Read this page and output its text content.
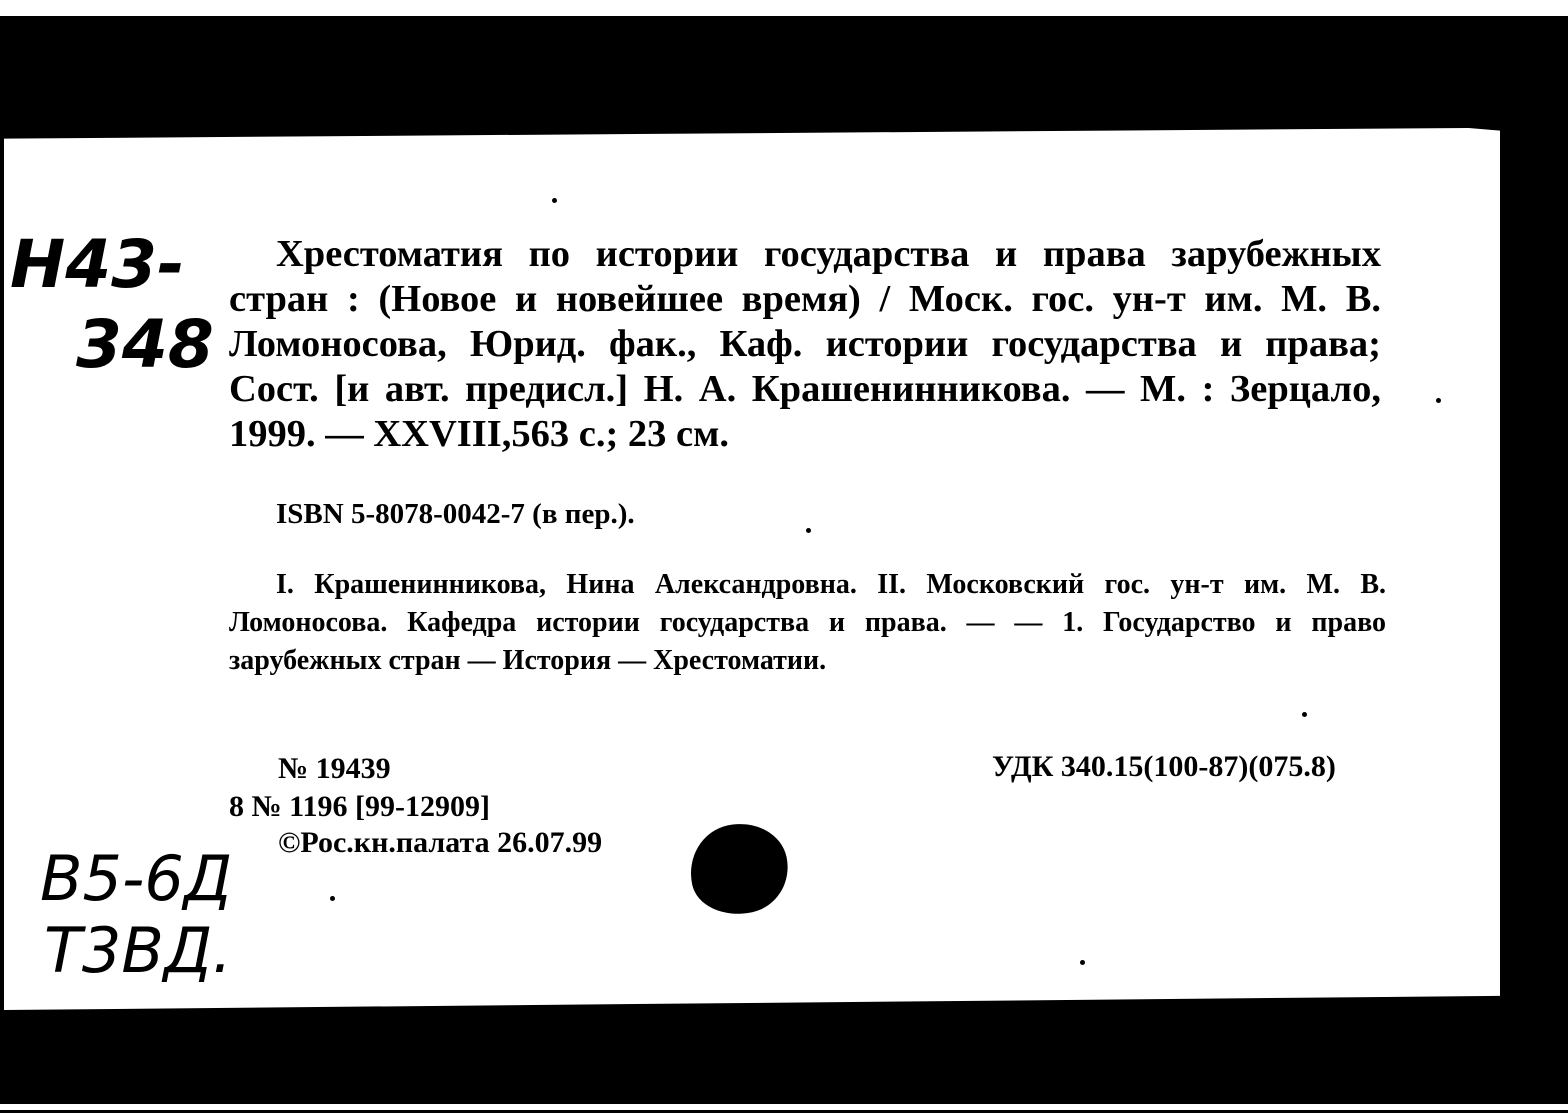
Н43-
348
Хрестоматия по истории государства и права зарубежных стран : (Новое и новейшее время) / Моск. гос. ун-т им. М. В. Ломоносова, Юрид. фак., Каф. истории государства и права; Сост. [и авт. предисл.] Н. А. Крашенинникова. — М. : Зерцало, 1999. — XXVIII,563 с.; 23 см.
ISBN 5-8078-0042-7 (в пер.).
I. Крашенинникова, Нина Александровна. II. Московский гос. ун-т им. М. В. Ломоносова. Кафедра истории государства и права. — — 1. Государство и право зарубежных стран — История — Хрестоматии.
№ 19439	УДК 340.15(100-87)(075.8)
8 № 1196 [99-12909]
©Рос.кн.палата 26.07.99
В5-6Д
Т3ВД.
